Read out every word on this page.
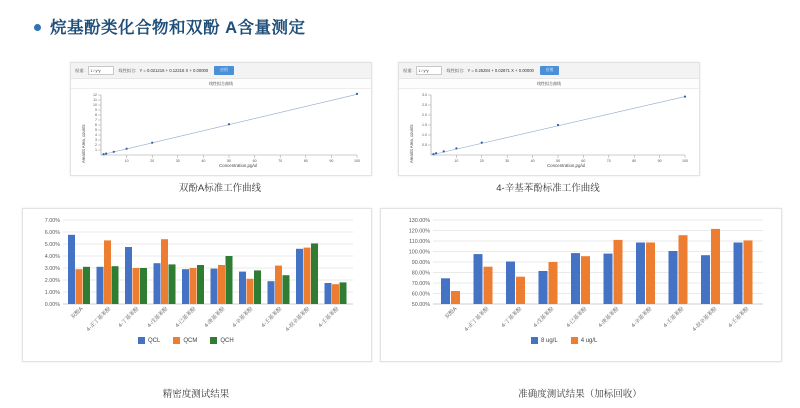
烷基酚类化合物和双酚 A含量测定
权重:	1 / y*y	线性拟合: Y = 0.021216 + 0.12216 X + 0.00000	应用
线性拟合曲线
Area/IS Area, counts
Concentration,pg/ul
1
2
3
4
5
6
7
8
9
10
11
12
10	20	30	40	50	60	70	80	90	100
双酚A标准工作曲线
权重:	1 / y*y	线性拟合: Y = 0.25284 + 0.02871 X + 0.00000	应用
线性拟合曲线
Area/IS Area, counts
Concentration,pg/ul
0.5
1.0
1.5
2.0
2.5
3.0
10	20	30	40	50	60	70	80	90	100
4-辛基苯酚标准工作曲线
7.00%
6.00%
5.00%
4.00%
3.00%
2.00%
1.00%
0.00%
双酚A 4-正丁基苯酚 4-丁基苯酚 4-戊基苯酚 4-已基苯酚 4-庚基苯酚 4-辛基苯酚 4-壬基苯酚 4-叔辛基苯酚 4-壬基苯酚
QCL	QCM	QCH
精密度测试结果
130.00%
120.00%
110.00%
100.00%
90.00%
80.00%
70.00%
60.00%
50.00%
双酚A 4-正丁基苯酚 4-丁基苯酚 4-戊基苯酚 4-已基苯酚 4-庚基苯酚 4-辛基苯酚 4-壬基苯酚 4-叔辛基苯酚 4-壬基苯酚
8 ug/L	4 ug/L
准确度测试结果（加标回收）
